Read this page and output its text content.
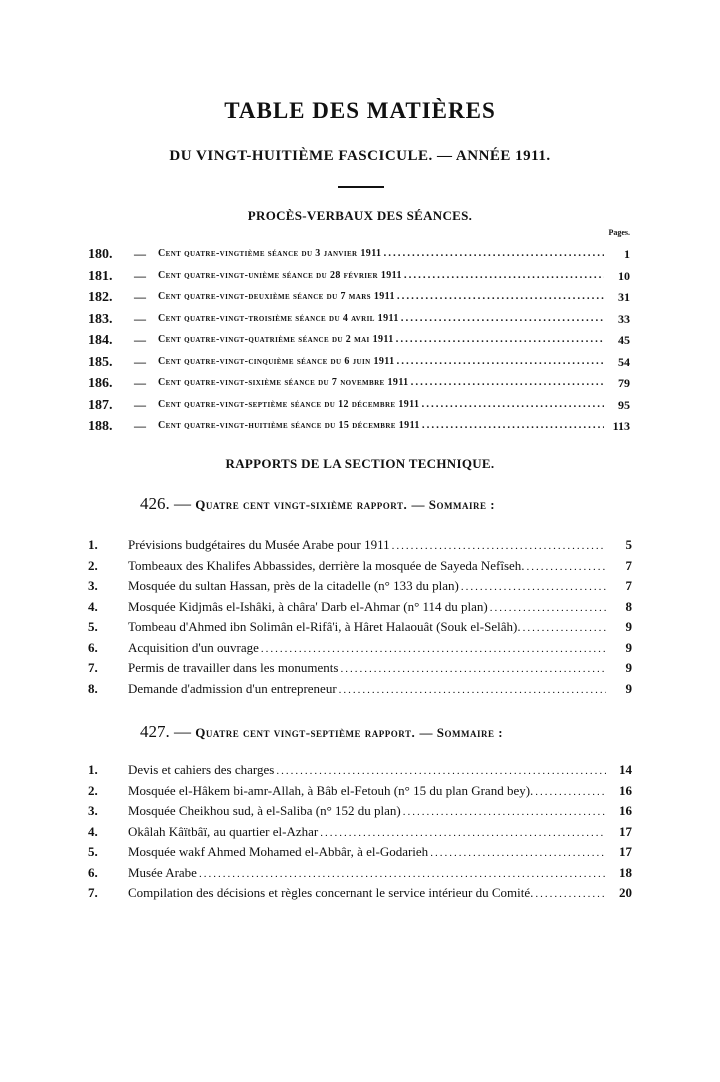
TABLE DES MATIÈRES
DU VINGT-HUITIÈME FASCICULE. — ANNÉE 1911.
PROCÈS-VERBAUX DES SÉANCES.
Pages.
180. — Cent quatre-vingtième séance du 3 janvier 1911 .....	1
181. — Cent quatre-vingt-unième séance du 28 février 1911 .....	10
182. — Cent quatre-vingt-deuxième séance du 7 mars 1911 .....	31
183. — Cent quatre-vingt-troisième séance du 4 avril 1911 .....	33
184. — Cent quatre-vingt-quatrième séance du 2 mai 1911 .....	45
185. — Cent quatre-vingt-cinquième séance du 6 juin 1911 .....	54
186. — Cent quatre-vingt-sixième séance du 7 novembre 1911 .....	79
187. — Cent quatre-vingt-septième séance du 12 décembre 1911 .....	95
188. — Cent quatre-vingt-huitième séance du 15 décembre 1911 .....	113
RAPPORTS DE LA SECTION TECHNIQUE.
426. — Quatre cent vingt-sixième rapport. — Sommaire :
1. Prévisions budgétaires du Musée Arabe pour 1911 .....	5
2. Tombeaux des Khalifes Abbassides, derrière la mosquée de Sayeda Nefîseh. .....	7
3. Mosquée du sultan Hassan, près de la citadelle (n° 133 du plan) .....	7
4. Mosquée Kidjmâs el-Ishâki, à châra' Darb el-Ahmar (n° 114 du plan) .....	8
5. Tombeau d'Ahmed ibn Solimân el-Rifâ'i, à Hâret Halaouât (Souk el-Selâh). .....	9
6. Acquisition d'un ouvrage .....	9
7. Permis de travailler dans les monuments .....	9
8. Demande d'admission d'un entrepreneur .....	9
427. — Quatre cent vingt-septième rapport. — Sommaire :
1. Devis et cahiers des charges .....	14
2. Mosquée el-Hâkem bi-amr-Allah, à Bâb el-Fetouh (n° 15 du plan Grand bey). .....	16
3. Mosquée Cheikhou sud, à el-Saliba (n° 152 du plan) .....	16
4. Okâlah Kâïtbâï, au quartier el-Azhar .....	17
5. Mosquée wakf Ahmed Mohamed el-Abbâr, à el-Godarieh .....	17
6. Musée Arabe .....	18
7. Compilation des décisions et règles concernant le service intérieur du Comité. .....	20
